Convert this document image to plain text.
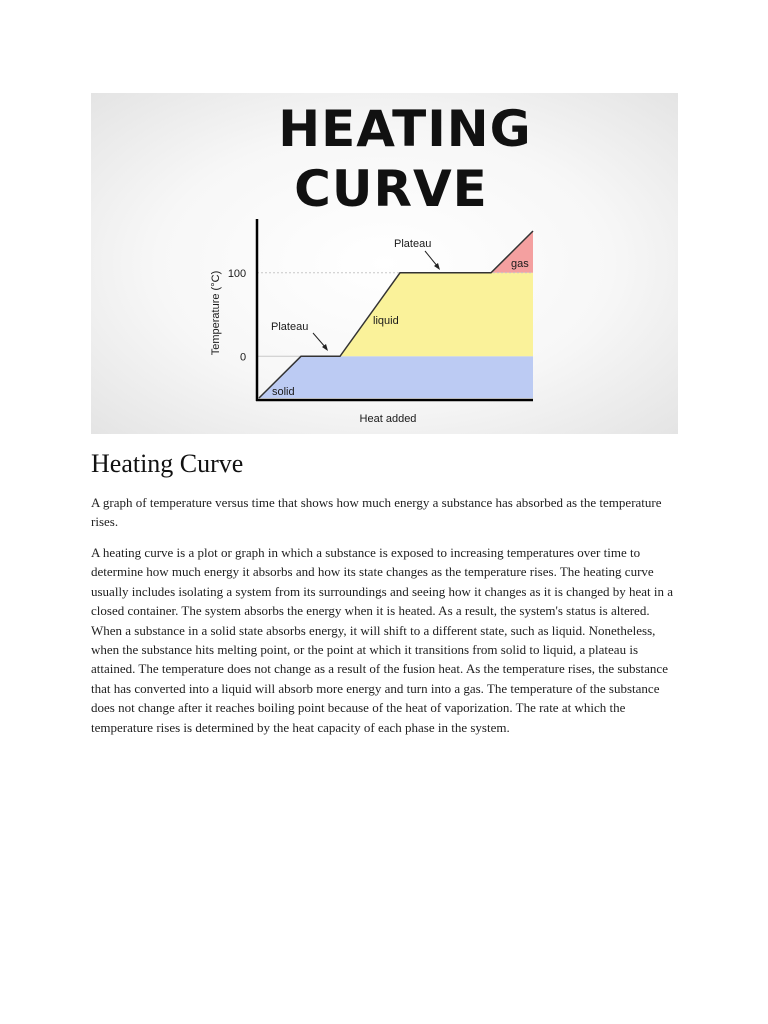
HEATING
CURVE
100
0
Heat added
Temperature (°C)
solid
liquid
gas
Plateau
Plateau
Heating Curve

A graph of temperature versus time that shows how much energy a substance has absorbed as the temperature rises.

A heating curve is a plot or graph in which a substance is exposed to increasing temperatures over time to determine how much energy it absorbs and how its state changes as the temperature rises. The heating curve usually includes isolating a system from its surroundings and seeing how it changes as it is changed by heat in a closed container. The system absorbs the energy when it is heated. As a result, the system's status is altered. When a substance in a solid state absorbs energy, it will shift to a different state, such as liquid. Nonetheless, when the substance hits melting point, or the point at which it transitions from solid to liquid, a plateau is attained. The temperature does not change as a result of the fusion heat. As the temperature rises, the substance that has converted into a liquid will absorb more energy and turn into a gas. The temperature of the substance does not change after it reaches boiling point because of the heat of vaporization. The rate at which the temperature rises is determined by the heat capacity of each phase in the system.
